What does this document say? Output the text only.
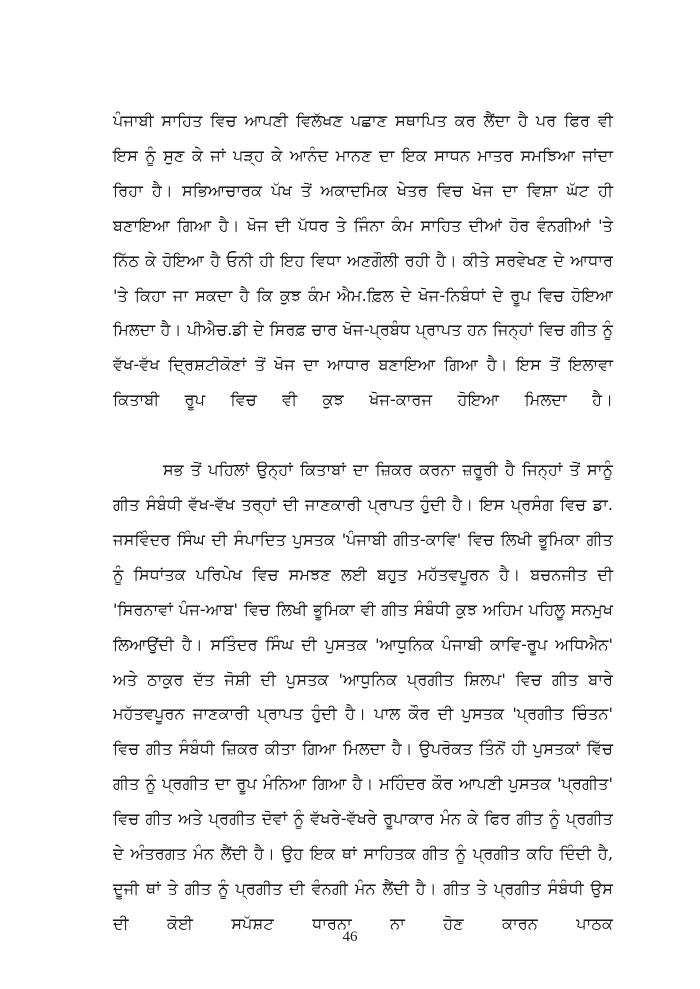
ਪੰਜਾਬੀ ਸਾਹਿਤ ਵਿਚ ਆਪਣੀ ਵਿਲੱਖਣ ਪਛਾਣ ਸਥਾਪਿਤ ਕਰ ਲੈਂਦਾ ਹੈ ਪਰ ਫਿਰ ਵੀ ਇਸ ਨੂੰ ਸੁਣ ਕੇ ਜਾਂ ਪੜ੍ਹ ਕੇ ਆਨੰਦ ਮਾਨਣ ਦਾ ਇਕ ਸਾਧਨ ਮਾਤਰ ਸਮਝਿਆ ਜਾਂਦਾ ਰਿਹਾ ਹੈ। ਸਭਿਆਚਾਰਕ ਪੱਖ ਤੋਂ ਅਕਾਦਮਿਕ ਖੇਤਰ ਵਿਚ ਖੋਜ ਦਾ ਵਿਸ਼ਾ ਘੱਟ ਹੀ ਬਣਾਇਆ ਗਿਆ ਹੈ। ਖੋਜ ਦੀ ਪੱਧਰ ਤੇ ਜਿੰਨਾ ਕੰਮ ਸਾਹਿਤ ਦੀਆਂ ਹੋਰ ਵੰਨਗੀਆਂ 'ਤੇ ਨਿੱਠ ਕੇ ਹੋਇਆ ਹੈ ਓਨੀ ਹੀ ਇਹ ਵਿਧਾ ਅਣਗੌਲੀ ਰਹੀ ਹੈ। ਕੀਤੇ ਸਰਵੇਖਣ ਦੇ ਆਧਾਰ 'ਤੇ ਕਿਹਾ ਜਾ ਸਕਦਾ ਹੈ ਕਿ ਕੁਝ ਕੰਮ ਐਮ.ਫ਼ਿਲ ਦੇ ਖੋਜ-ਨਿਬੰਧਾਂ ਦੇ ਰੂਪ ਵਿਚ ਹੋਇਆ ਮਿਲਦਾ ਹੈ। ਪੀਐਚ.ਡੀ ਦੇ ਸਿਰਫ਼ ਚਾਰ ਖੋਜ-ਪ੍ਰਬੰਧ ਪ੍ਰਾਪਤ ਹਨ ਜਿਨ੍ਹਾਂ ਵਿਚ ਗੀਤ ਨੂੰ ਵੱਖ-ਵੱਖ ਦ੍ਰਿਸ਼ਟੀਕੋਣਾਂ ਤੋਂ ਖੋਜ ਦਾ ਆਧਾਰ ਬਣਾਇਆ ਗਿਆ ਹੈ। ਇਸ ਤੋਂ ਇਲਾਵਾ ਕਿਤਾਬੀ ਰੂਪ ਵਿਚ ਵੀ ਕੁਝ ਖੋਜ-ਕਾਰਜ ਹੋਇਆ ਮਿਲਦਾ ਹੈ।

ਸਭ ਤੋਂ ਪਹਿਲਾਂ ਉਨ੍ਹਾਂ ਕਿਤਾਬਾਂ ਦਾ ਜ਼ਿਕਰ ਕਰਨਾ ਜ਼ਰੂਰੀ ਹੈ ਜਿਨ੍ਹਾਂ ਤੋਂ ਸਾਨੂੰ ਗੀਤ ਸੰਬੰਧੀ ਵੱਖ-ਵੱਖ ਤਰ੍ਹਾਂ ਦੀ ਜਾਣਕਾਰੀ ਪ੍ਰਾਪਤ ਹੁੰਦੀ ਹੈ। ਇਸ ਪ੍ਰਸੰਗ ਵਿਚ ਡਾ. ਜਸਵਿੰਦਰ ਸਿੰਘ ਦੀ ਸੰਪਾਦਿਤ ਪੁਸਤਕ 'ਪੰਜਾਬੀ ਗੀਤ-ਕਾਵਿ' ਵਿਚ ਲਿਖੀ ਭੂਮਿਕਾ ਗੀਤ ਨੂੰ ਸਿਧਾਂਤਕ ਪਰਿਪੇਖ ਵਿਚ ਸਮਝਣ ਲਈ ਬਹੁਤ ਮਹੱਤਵਪੂਰਨ ਹੈ। ਬਚਨਜੀਤ ਦੀ 'ਸਿਰਨਾਵਾਂ ਪੰਜ-ਆਬ' ਵਿਚ ਲਿਖੀ ਭੂਮਿਕਾ ਵੀ ਗੀਤ ਸੰਬੰਧੀ ਕੁਝ ਅਹਿਮ ਪਹਿਲੂ ਸਨਮੁਖ ਲਿਆਉਂਦੀ ਹੈ। ਸਤਿੰਦਰ ਸਿੰਘ ਦੀ ਪੁਸਤਕ 'ਆਧੁਨਿਕ ਪੰਜਾਬੀ ਕਾਵਿ-ਰੂਪ ਅਧਿਐਨ' ਅਤੇ ਠਾਕੁਰ ਦੱਤ ਜੋਸ਼ੀ ਦੀ ਪੁਸਤਕ 'ਆਧੁਨਿਕ ਪ੍ਰਗੀਤ ਸ਼ਿਲਪ' ਵਿਚ ਗੀਤ ਬਾਰੇ ਮਹੱਤਵਪੂਰਨ ਜਾਣਕਾਰੀ ਪ੍ਰਾਪਤ ਹੁੰਦੀ ਹੈ। ਪਾਲ ਕੌਰ ਦੀ ਪੁਸਤਕ 'ਪ੍ਰਗੀਤ ਚਿੰਤਨ' ਵਿਚ ਗੀਤ ਸੰਬੰਧੀ ਜ਼ਿਕਰ ਕੀਤਾ ਗਿਆ ਮਿਲਦਾ ਹੈ। ਉਪਰੋਕਤ ਤਿੰਨੋਂ ਹੀ ਪੁਸਤਕਾਂ ਵਿੱਚ ਗੀਤ ਨੂੰ ਪ੍ਰਗੀਤ ਦਾ ਰੂਪ ਮੰਨਿਆ ਗਿਆ ਹੈ। ਮਹਿੰਦਰ ਕੌਰ ਆਪਣੀ ਪੁਸਤਕ 'ਪ੍ਰਗੀਤ' ਵਿਚ ਗੀਤ ਅਤੇ ਪ੍ਰਗੀਤ ਦੋਵਾਂ ਨੂੰ ਵੱਖਰੇ-ਵੱਖਰੇ ਰੂਪਾਕਾਰ ਮੰਨ ਕੇ ਫਿਰ ਗੀਤ ਨੂੰ ਪ੍ਰਗੀਤ ਦੇ ਅੰਤਰਗਤ ਮੰਨ ਲੈਂਦੀ ਹੈ। ਉਹ ਇਕ ਥਾਂ ਸਾਹਿਤਕ ਗੀਤ ਨੂੰ ਪ੍ਰਗੀਤ ਕਹਿ ਦਿੰਦੀ ਹੈ, ਦੂਜੀ ਥਾਂ ਤੇ ਗੀਤ ਨੂੰ ਪ੍ਰਗੀਤ ਦੀ ਵੰਨਗੀ ਮੰਨ ਲੈਂਦੀ ਹੈ। ਗੀਤ ਤੇ ਪ੍ਰਗੀਤ ਸੰਬੰਧੀ ਉਸ ਦੀ ਕੋਈ ਸਪੱਸ਼ਟ ਧਾਰਨਾ ਨਾ ਹੋਣ ਕਾਰਨ ਪਾਠਕ

46
